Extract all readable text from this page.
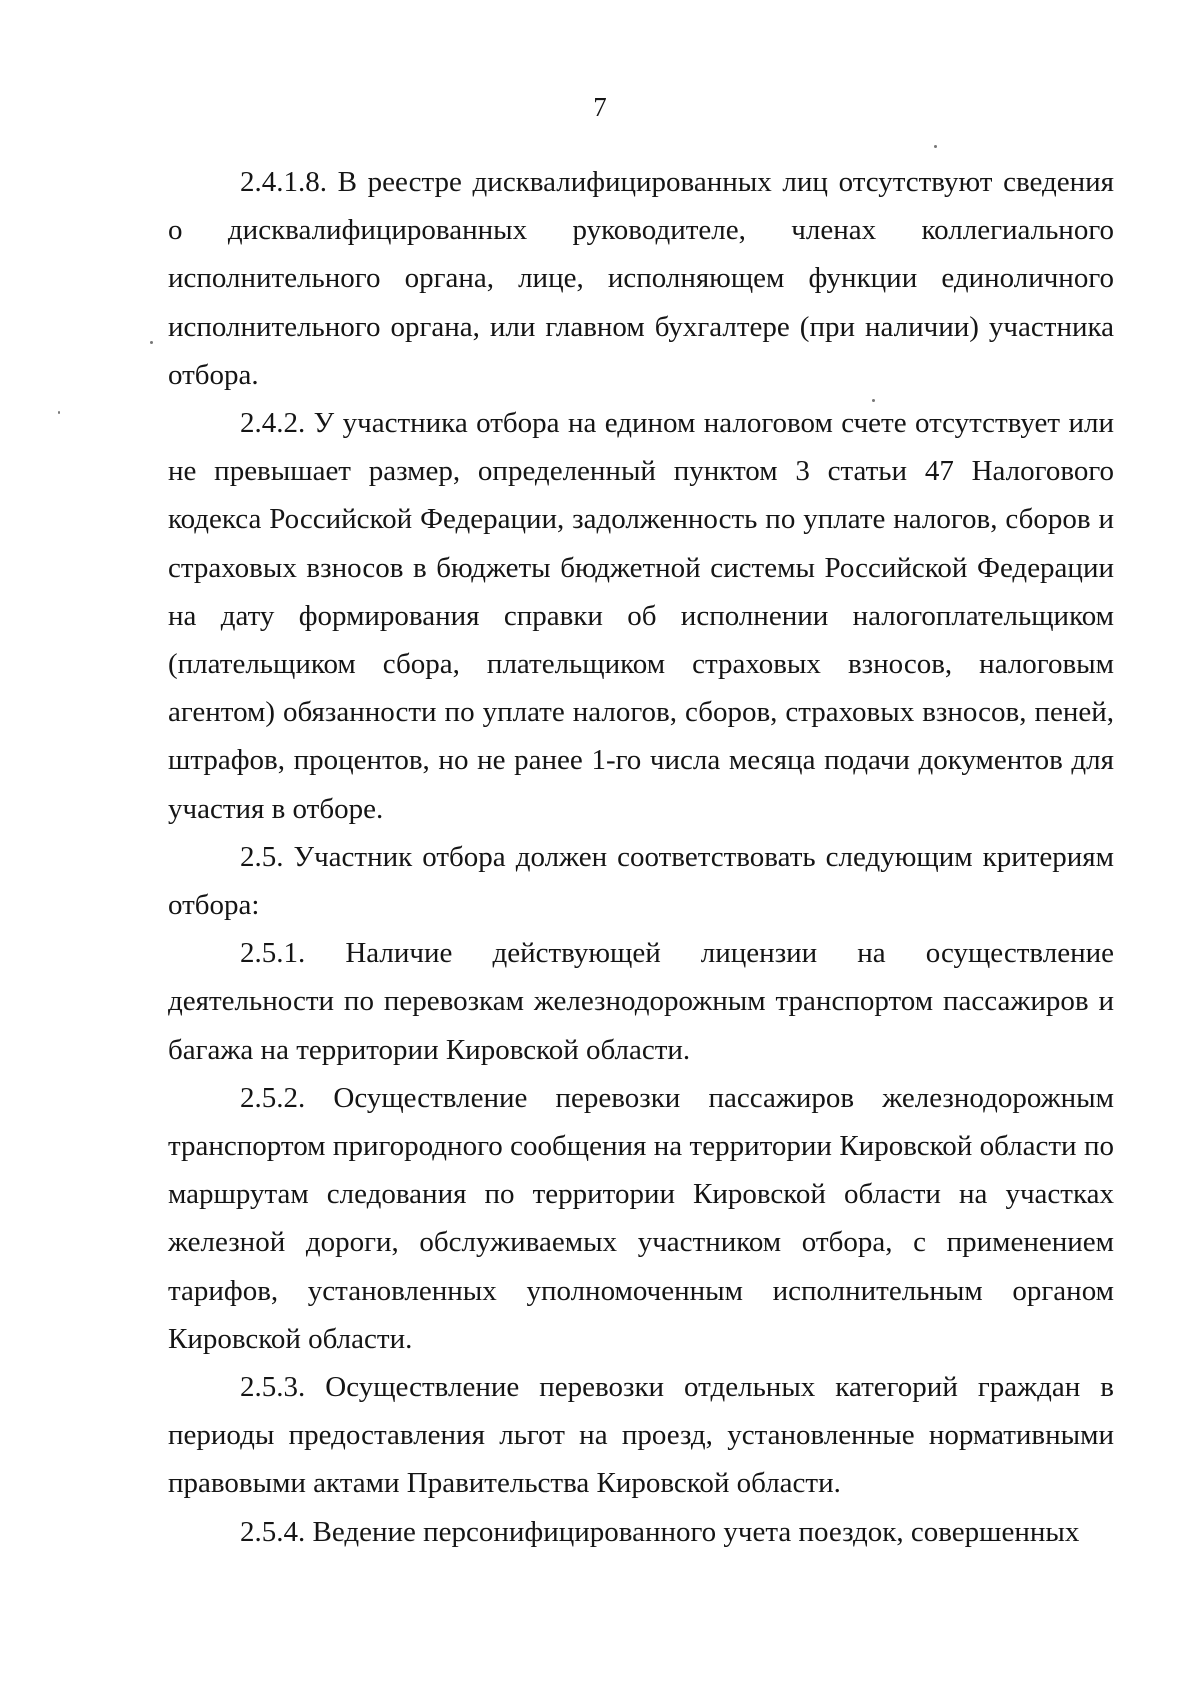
7

2.4.1.8. В реестре дисквалифицированных лиц отсутствуют сведения о дисквалифицированных руководителе, членах коллегиального исполнительного органа, лице, исполняющем функции единоличного исполнительного органа, или главном бухгалтере (при наличии) участника отбора.

2.4.2. У участника отбора на едином налоговом счете отсутствует или не превышает размер, определенный пунктом 3 статьи 47 Налогового кодекса Российской Федерации, задолженность по уплате налогов, сборов и страховых взносов в бюджеты бюджетной системы Российской Федерации на дату формирования справки об исполнении налогоплательщиком (плательщиком сбора, плательщиком страховых взносов, налоговым агентом) обязанности по уплате налогов, сборов, страховых взносов, пеней, штрафов, процентов, но не ранее 1-го числа месяца подачи документов для участия в отборе.

2.5. Участник отбора должен соответствовать следующим критериям отбора:

2.5.1. Наличие действующей лицензии на осуществление деятельности по перевозкам железнодорожным транспортом пассажиров и багажа на территории Кировской области.

2.5.2. Осуществление перевозки пассажиров железнодорожным транспортом пригородного сообщения на территории Кировской области по маршрутам следования по территории Кировской области на участках железной дороги, обслуживаемых участником отбора, с применением тарифов, установленных уполномоченным исполнительным органом Кировской области.

2.5.3. Осуществление перевозки отдельных категорий граждан в периоды предоставления льгот на проезд, установленные нормативными правовыми актами Правительства Кировской области.

2.5.4. Ведение персонифицированного учета поездок, совершенных
